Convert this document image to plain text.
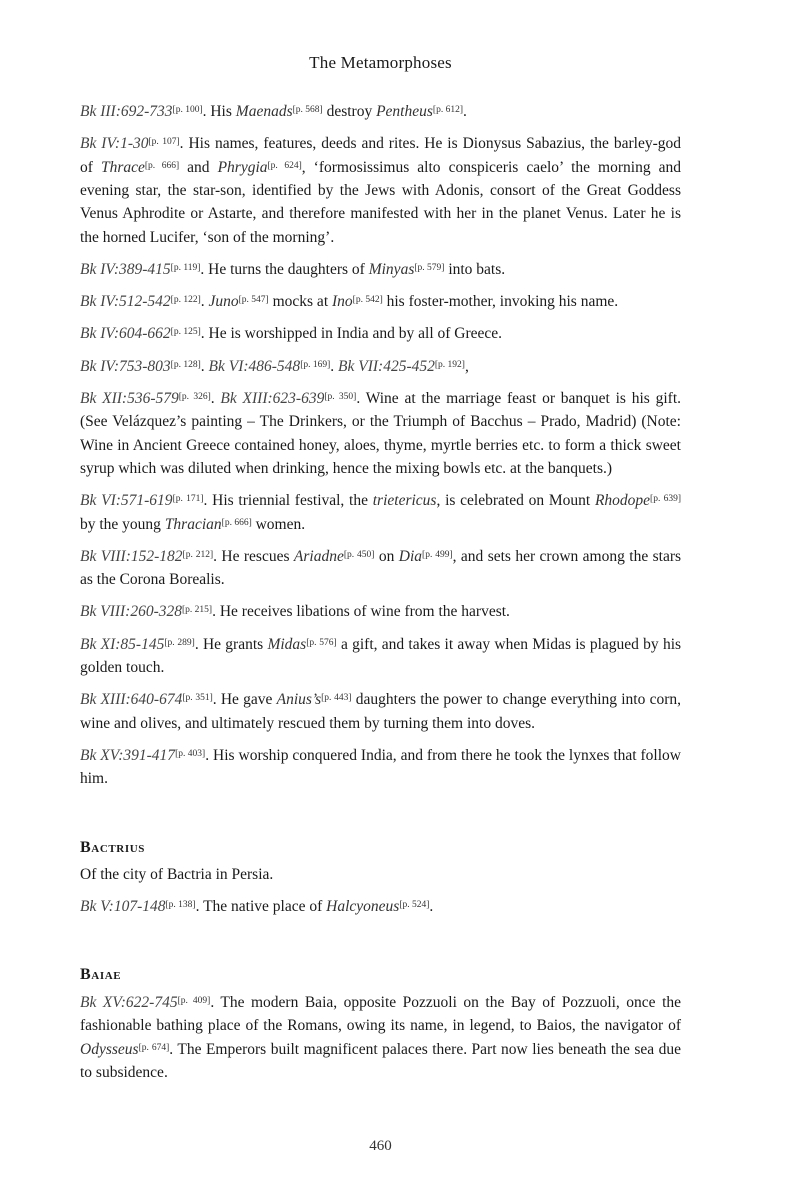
The Metamorphoses

Bk III:692-733[p. 100]. His Maenads[p. 568] destroy Pentheus[p. 612].

Bk IV:1-30[p. 107]. His names, features, deeds and rites. He is Dionysus Sabazius, the barley-god of Thrace[p. 666] and Phrygia[p. 624], ‘formosissimus alto conspiceris caelo’ the morning and evening star, the star-son, identified by the Jews with Adonis, consort of the Great Goddess Venus Aphrodite or Astarte, and therefore manifested with her in the planet Venus. Later he is the horned Lucifer, ‘son of the morning’.

Bk IV:389-415[p. 119]. He turns the daughters of Minyas[p. 579] into bats.

Bk IV:512-542[p. 122]. Juno[p. 547] mocks at Ino[p. 542] his foster-mother, invoking his name.

Bk IV:604-662[p. 125]. He is worshipped in India and by all of Greece.

Bk IV:753-803[p. 128]. Bk VI:486-548[p. 169]. Bk VII:425-452[p. 192],

Bk XII:536-579[p. 326]. Bk XIII:623-639[p. 350]. Wine at the marriage feast or banquet is his gift. (See Velázquez’s painting – The Drinkers, or the Triumph of Bacchus – Prado, Madrid) (Note: Wine in Ancient Greece contained honey, aloes, thyme, myrtle berries etc. to form a thick sweet syrup which was diluted when drinking, hence the mixing bowls etc. at the banquets.)

Bk VI:571-619[p. 171]. His triennial festival, the trietericus, is celebrated on Mount Rhodope[p. 639] by the young Thracian[p. 666] women.

Bk VIII:152-182[p. 212]. He rescues Ariadne[p. 450] on Dia[p. 499], and sets her crown among the stars as the Corona Borealis.

Bk VIII:260-328[p. 215]. He receives libations of wine from the harvest.

Bk XI:85-145[p. 289]. He grants Midas[p. 576] a gift, and takes it away when Midas is plagued by his golden touch.

Bk XIII:640-674[p. 351]. He gave Anius’s[p. 443] daughters the power to change everything into corn, wine and olives, and ultimately rescued them by turning them into doves.

Bk XV:391-417[p. 403]. His worship conquered India, and from there he took the lynxes that follow him.

Bactrius

Of the city of Bactria in Persia.

Bk V:107-148[p. 138]. The native place of Halcyoneus[p. 524].

Baiae

Bk XV:622-745[p. 409]. The modern Baia, opposite Pozzuoli on the Bay of Pozzuoli, once the fashionable bathing place of the Romans, owing its name, in legend, to Baios, the navigator of Odysseus[p. 674]. The Emperors built magnificent palaces there. Part now lies beneath the sea due to subsidence.

460
